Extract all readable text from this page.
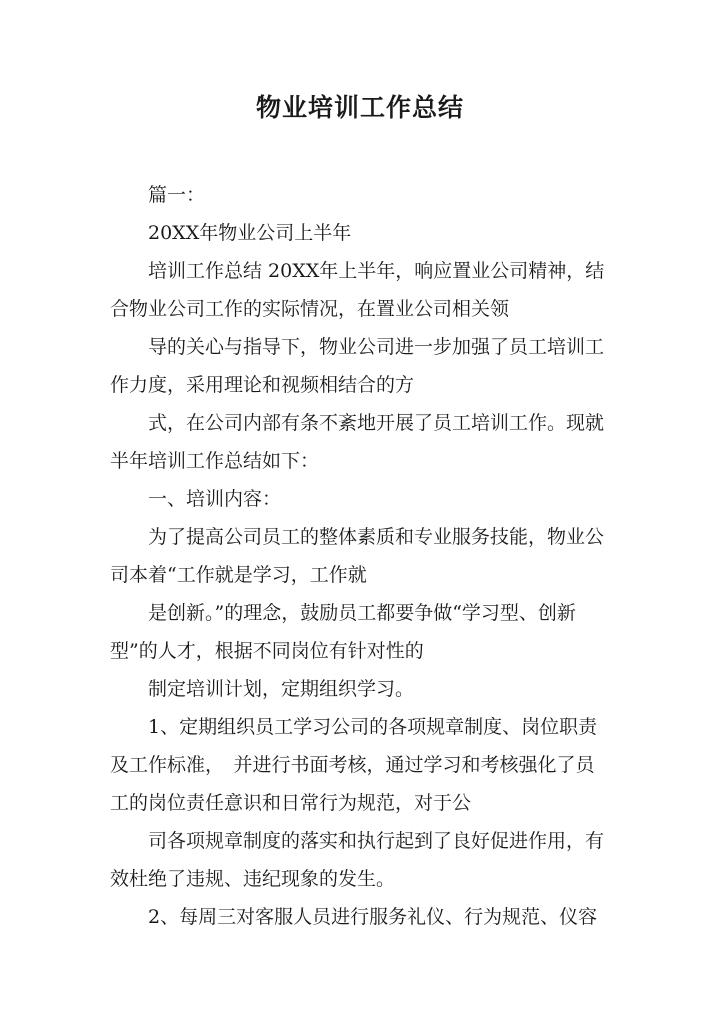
物业培训工作总结

篇一：

20XX年物业公司上半年

培训工作总结 20XX年上半年，响应置业公司精神，结
合物业公司工作的实际情况，在置业公司相关领

导的关心与指导下，物业公司进一步加强了员工培训工
作力度，采用理论和视频相结合的方

式，在公司内部有条不紊地开展了员工培训工作。现就
半年培训工作总结如下：

一、培训内容：

为了提高公司员工的整体素质和专业服务技能，物业公
司本着“工作就是学习，工作就

是创新。”的理念，鼓励员工都要争做“学习型、创新
型”的人才，根据不同岗位有针对性的

制定培训计划，定期组织学习。

1、定期组织员工学习公司的各项规章制度、岗位职责
及工作标准，　并进行书面考核，通过学习和考核强化了员
工的岗位责任意识和日常行为规范，对于公

司各项规章制度的落实和执行起到了良好促进作用，有
效杜绝了违规、违纪现象的发生。

2、每周三对客服人员进行服务礼仪、行为规范、仪容
